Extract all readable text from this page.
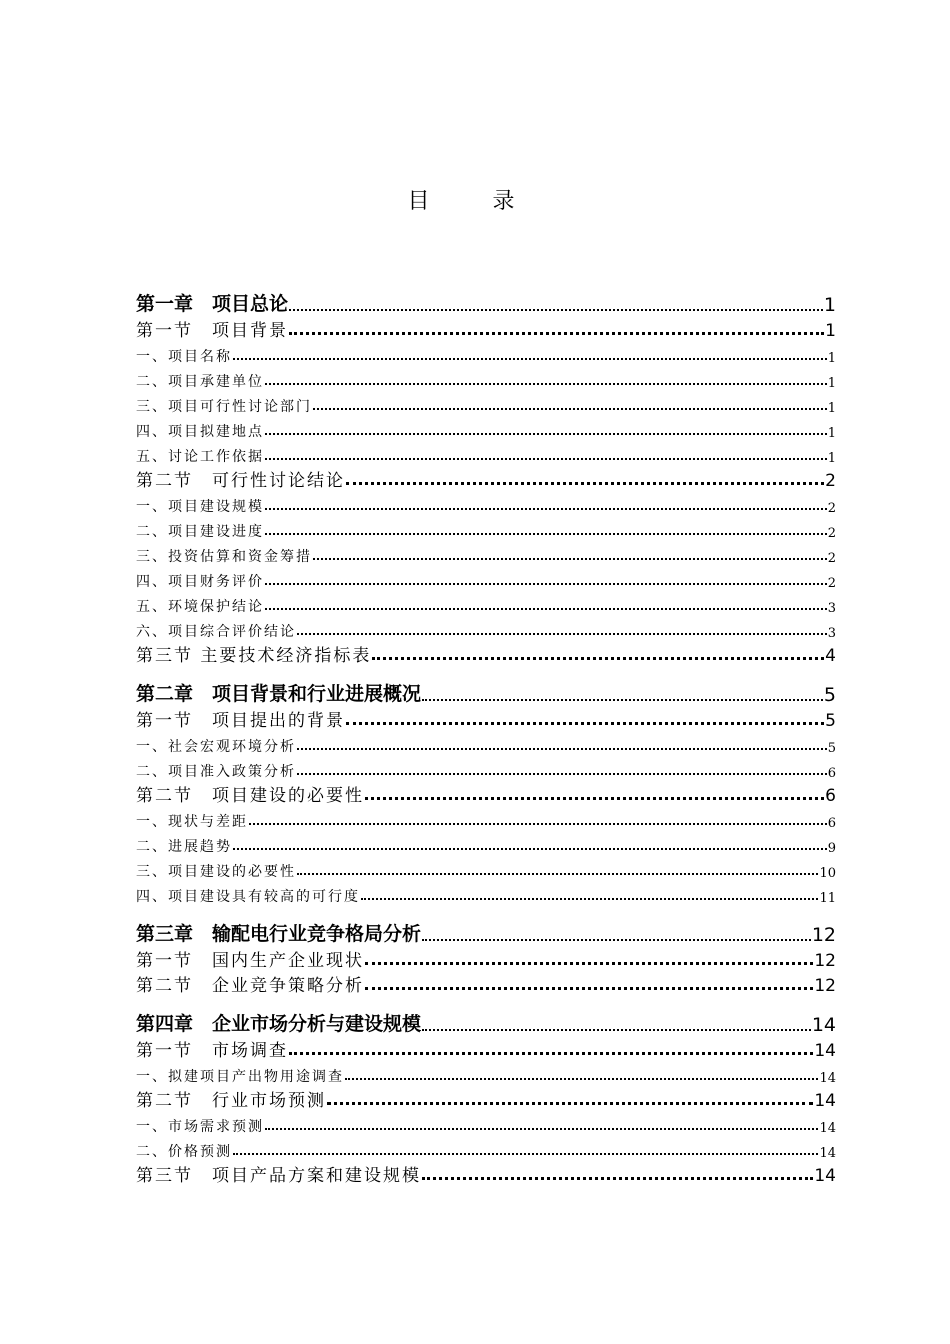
目 录
第一章　项目总论	1
第一节　项目背景	1
一、项目名称	1
二、项目承建单位	1
三、项目可行性讨论部门	1
四、项目拟建地点	1
五、讨论工作依据	1
第二节　可行性讨论结论	2
一、项目建设规模	2
二、项目建设进度	2
三、投资估算和资金筹措	2
四、项目财务评价	2
五、环境保护结论	3
六、项目综合评价结论	3
第三节 主要技术经济指标表	4
第二章　项目背景和行业进展概况	5
第一节　项目提出的背景	5
一、社会宏观环境分析	5
二、项目准入政策分析	6
第二节　项目建设的必要性	6
一、现状与差距	6
二、进展趋势	9
三、项目建设的必要性	10
四、项目建设具有较高的可行度	11
第三章　输配电行业竞争格局分析	12
第一节　国内生产企业现状	12
第二节　企业竞争策略分析	12
第四章　企业市场分析与建设规模	14
第一节　市场调查	14
一、拟建项目产出物用途调查	14
第二节　行业市场预测	14
一、市场需求预测	14
二、价格预测	14
第三节　项目产品方案和建设规模	14
